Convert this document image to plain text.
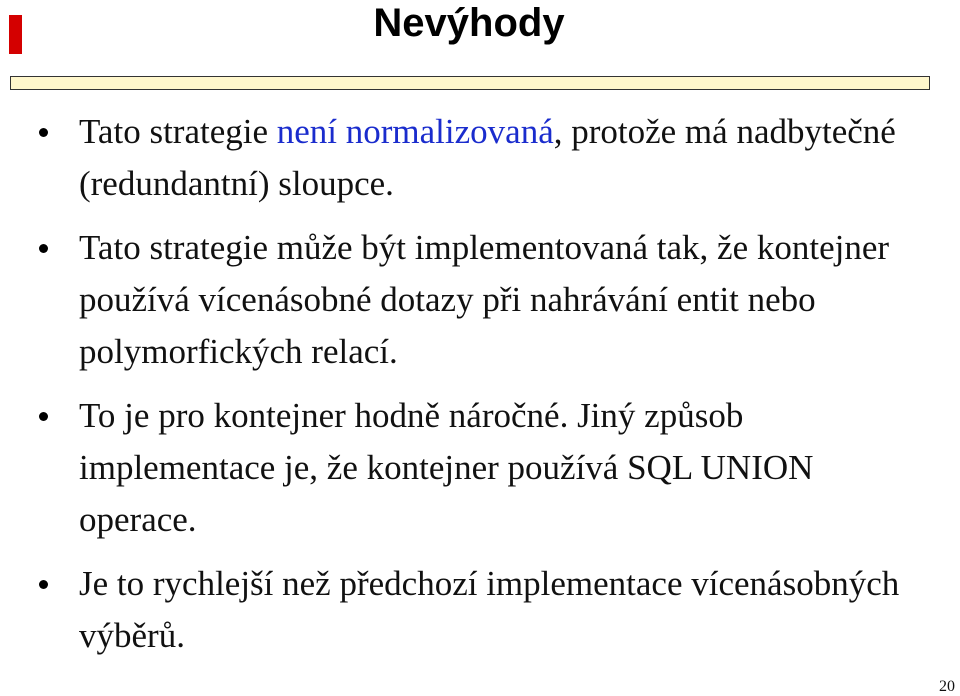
Nevýhody
Tato strategie není normalizovaná, protože má nadbytečné (redundantní) sloupce.
Tato strategie může být implementovaná tak, že kontejner používá vícenásobné dotazy při nahrávání entit nebo polymorfických relací.
To je pro kontejner hodně náročné. Jiný způsob implementace je, že kontejner používá SQL UNION operace.
Je to rychlejší než předchozí implementace vícenásobných výběrů.
20
